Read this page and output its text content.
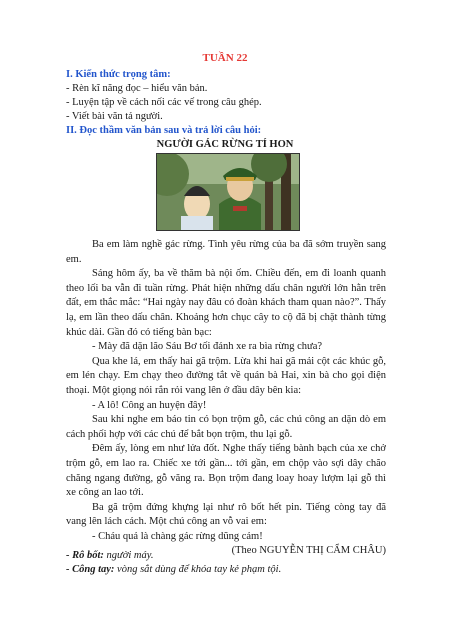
TUẦN 22
I. Kiến thức trọng tâm:
- Rèn kĩ năng đọc – hiểu văn bản.
- Luyện tập về cách nối các vế trong câu ghép.
- Viết bài văn tả người.
II. Đọc thầm văn bản sau và trả lời câu hỏi:
NGƯỜI GÁC RỪNG TÍ HON

Ba em làm nghề gác rừng. Tình yêu rừng của ba đã sớm truyền sang em.

Sáng hôm ấy, ba về thăm bà nội ốm. Chiều đến, em đi loanh quanh theo lối ba vẫn đi tuần rừng. Phát hiện những dấu chân người lớn hằn trên đất, em thắc mắc: “Hai ngày nay đâu có đoàn khách tham quan nào?”. Thấy lạ, em lần theo dấu chân. Khoảng hơn chục cây to cộ đã bị chặt thành từng khúc dài. Gần đó có tiếng bàn bạc:

- Mày đã dặn lão Sáu Bơ tối đánh xe ra bìa rừng chưa?

Qua khe lá, em thấy hai gã trộm. Lừa khi hai gã mải cột các khúc gỗ, em lén chạy. Em chạy theo đường tắt về quán bà Hai, xin bà cho gọi điện thoại. Một giọng nói rắn rỏi vang lên ở đầu dây bên kia:

- A lô! Công an huyện đây!

Sau khi nghe em báo tin có bọn trộm gỗ, các chú công an dặn dò em cách phối hợp với các chú để bắt bọn trộm, thu lại gỗ.

Đêm ấy, lòng em như lửa đốt. Nghe thấy tiếng bành bạch của xe chở trộm gỗ, em lao ra. Chiếc xe tới gần... tới gần, em chộp vào sợi dây chão chăng ngang đường, gỗ văng ra. Bọn trộm đang loay hoay lượm lại gỗ thì xe công an lao tới.

Ba gã trộm đứng khựng lại như rô bốt hết pin. Tiếng còng tay đã vang lên lách cách. Một chú công an vỗ vai em:

- Cháu quả là chàng gác rừng dũng cảm!

(Theo NGUYỄN THỊ CẨM CHÂU)

- Rô bốt: người máy.
- Công tay: vòng sắt dùng để khóa tay kẻ phạm tội.
